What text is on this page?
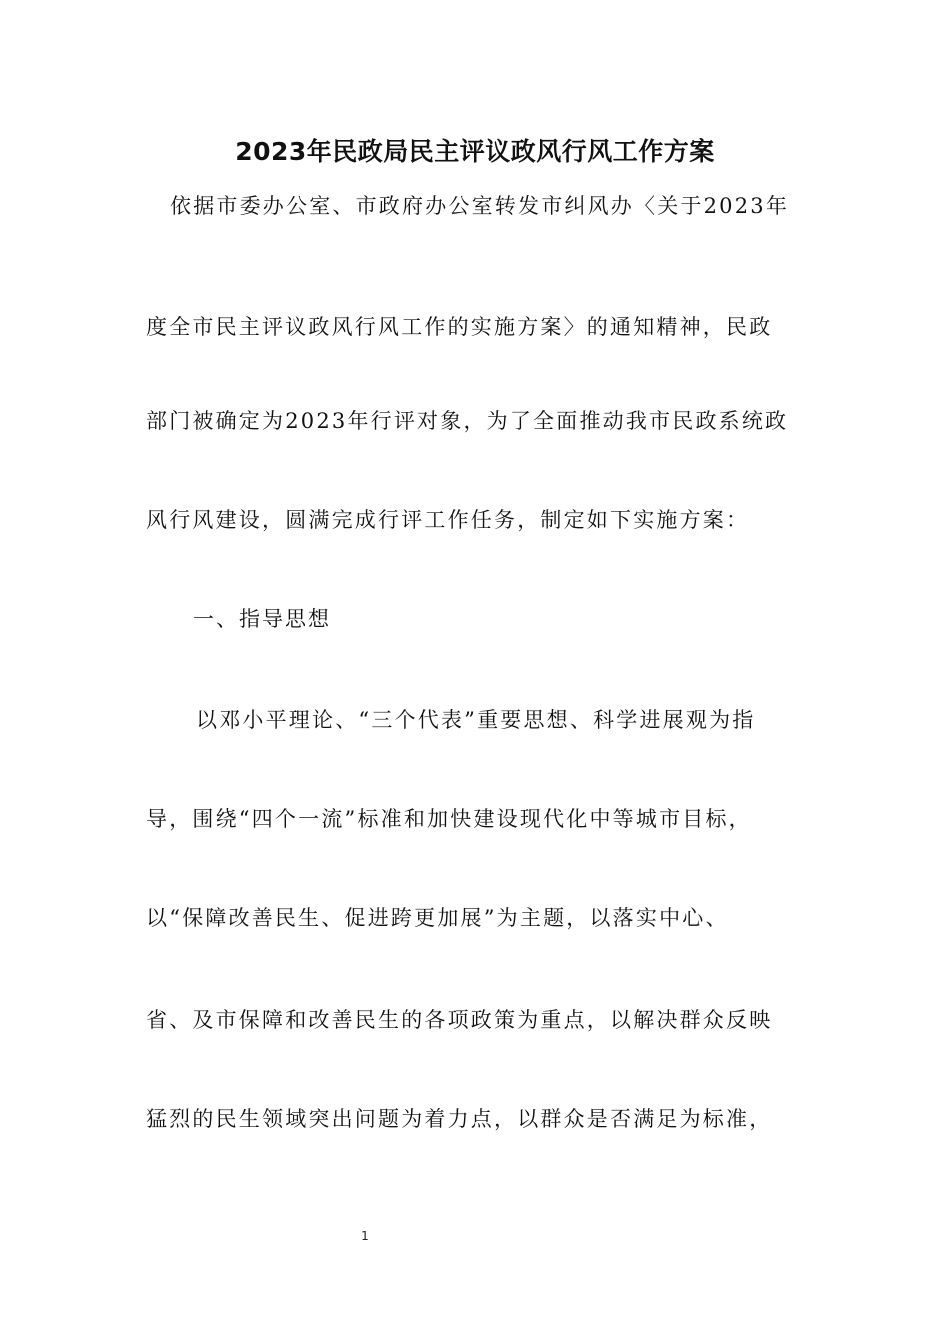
2023年民政局民主评议政风行风工作方案
依据市委办公室、市政府办公室转发市纠风办〈关于2023年
度全市民主评议政风行风工作的实施方案〉的通知精神，民政
部门被确定为2023年行评对象，为了全面推动我市民政系统政
风行风建设，圆满完成行评工作任务，制定如下实施方案：
一、指导思想
以邓小平理论、“三个代表”重要思想、科学进展观为指
导，围绕“四个一流”标准和加快建设现代化中等城市目标，
以“保障改善民生、促进跨更加展”为主题，以落实中心、
省、及市保障和改善民生的各项政策为重点，以解决群众反映
猛烈的民生领域突出问题为着力点，以群众是否满足为标准，
1
